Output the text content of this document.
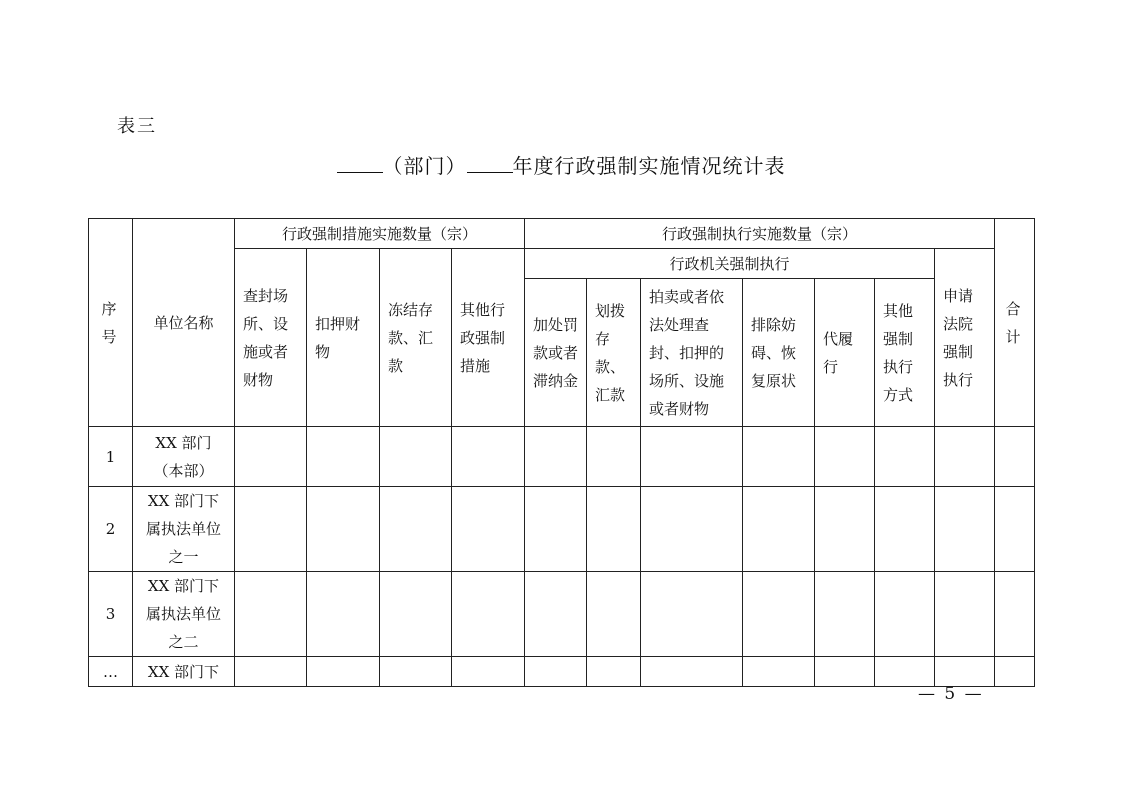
表三
（部门） 年度行政强制实施情况统计表
序号	单位名称	行政强制措施实施数量（宗）				行政强制执行实施数量（宗）							合计
		查封场所、设施或者财物	扣押财物	冻结存款、汇款	其他行政强制措施	行政机关强制执行						申请法院强制执行	
						加处罚款或者滞纳金	划拨存款、汇款	拍卖或者依法处理查封、扣押的场所、设施或者财物	排除妨碍、恢复原状	代履行	其他强制执行方式		
1	XX 部门（本部）												
2	XX 部门下属执法单位之一												
3	XX 部门下属执法单位之二												
…	XX 部门下												
— 5 —
